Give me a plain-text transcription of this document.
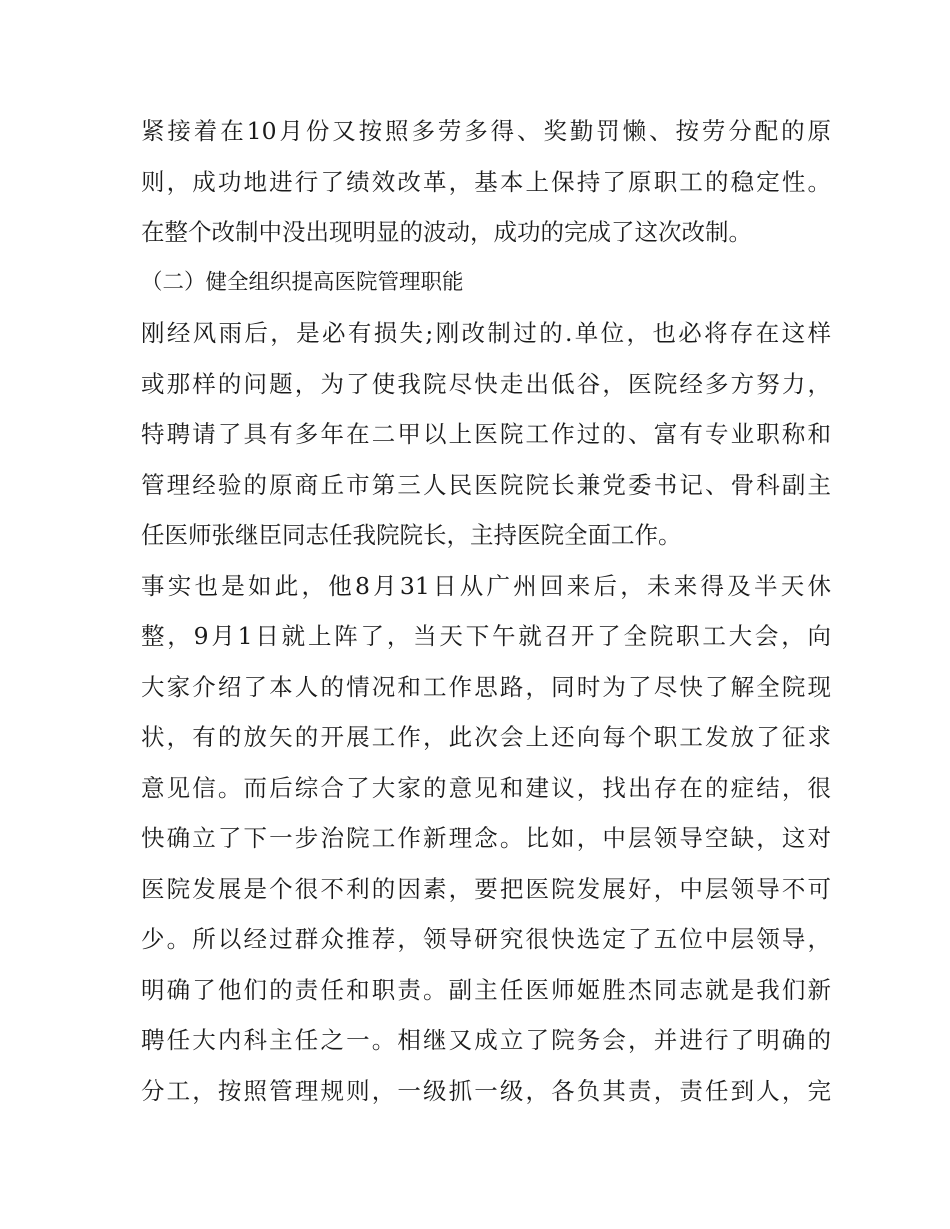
紧接着在10月份又按照多劳多得、奖勤罚懒、按劳分配的原
则，成功地进行了绩效改革，基本上保持了原职工的稳定性。
在整个改制中没出现明显的波动，成功的完成了这次改制。
（二）健全组织提高医院管理职能
刚经风雨后，是必有损失;刚改制过的.单位，也必将存在这样
或那样的问题，为了使我院尽快走出低谷，医院经多方努力，
特聘请了具有多年在二甲以上医院工作过的、富有专业职称和
管理经验的原商丘市第三人民医院院长兼党委书记、骨科副主
任医师张继臣同志任我院院长，主持医院全面工作。
事实也是如此，他8月31日从广州回来后，未来得及半天休
整，9月1日就上阵了，当天下午就召开了全院职工大会，向
大家介绍了本人的情况和工作思路，同时为了尽快了解全院现
状，有的放矢的开展工作，此次会上还向每个职工发放了征求
意见信。而后综合了大家的意见和建议，找出存在的症结，很
快确立了下一步治院工作新理念。比如，中层领导空缺，这对
医院发展是个很不利的因素，要把医院发展好，中层领导不可
少。所以经过群众推荐，领导研究很快选定了五位中层领导，
明确了他们的责任和职责。副主任医师姬胜杰同志就是我们新
聘任大内科主任之一。相继又成立了院务会，并进行了明确的
分工，按照管理规则，一级抓一级，各负其责，责任到人，完
